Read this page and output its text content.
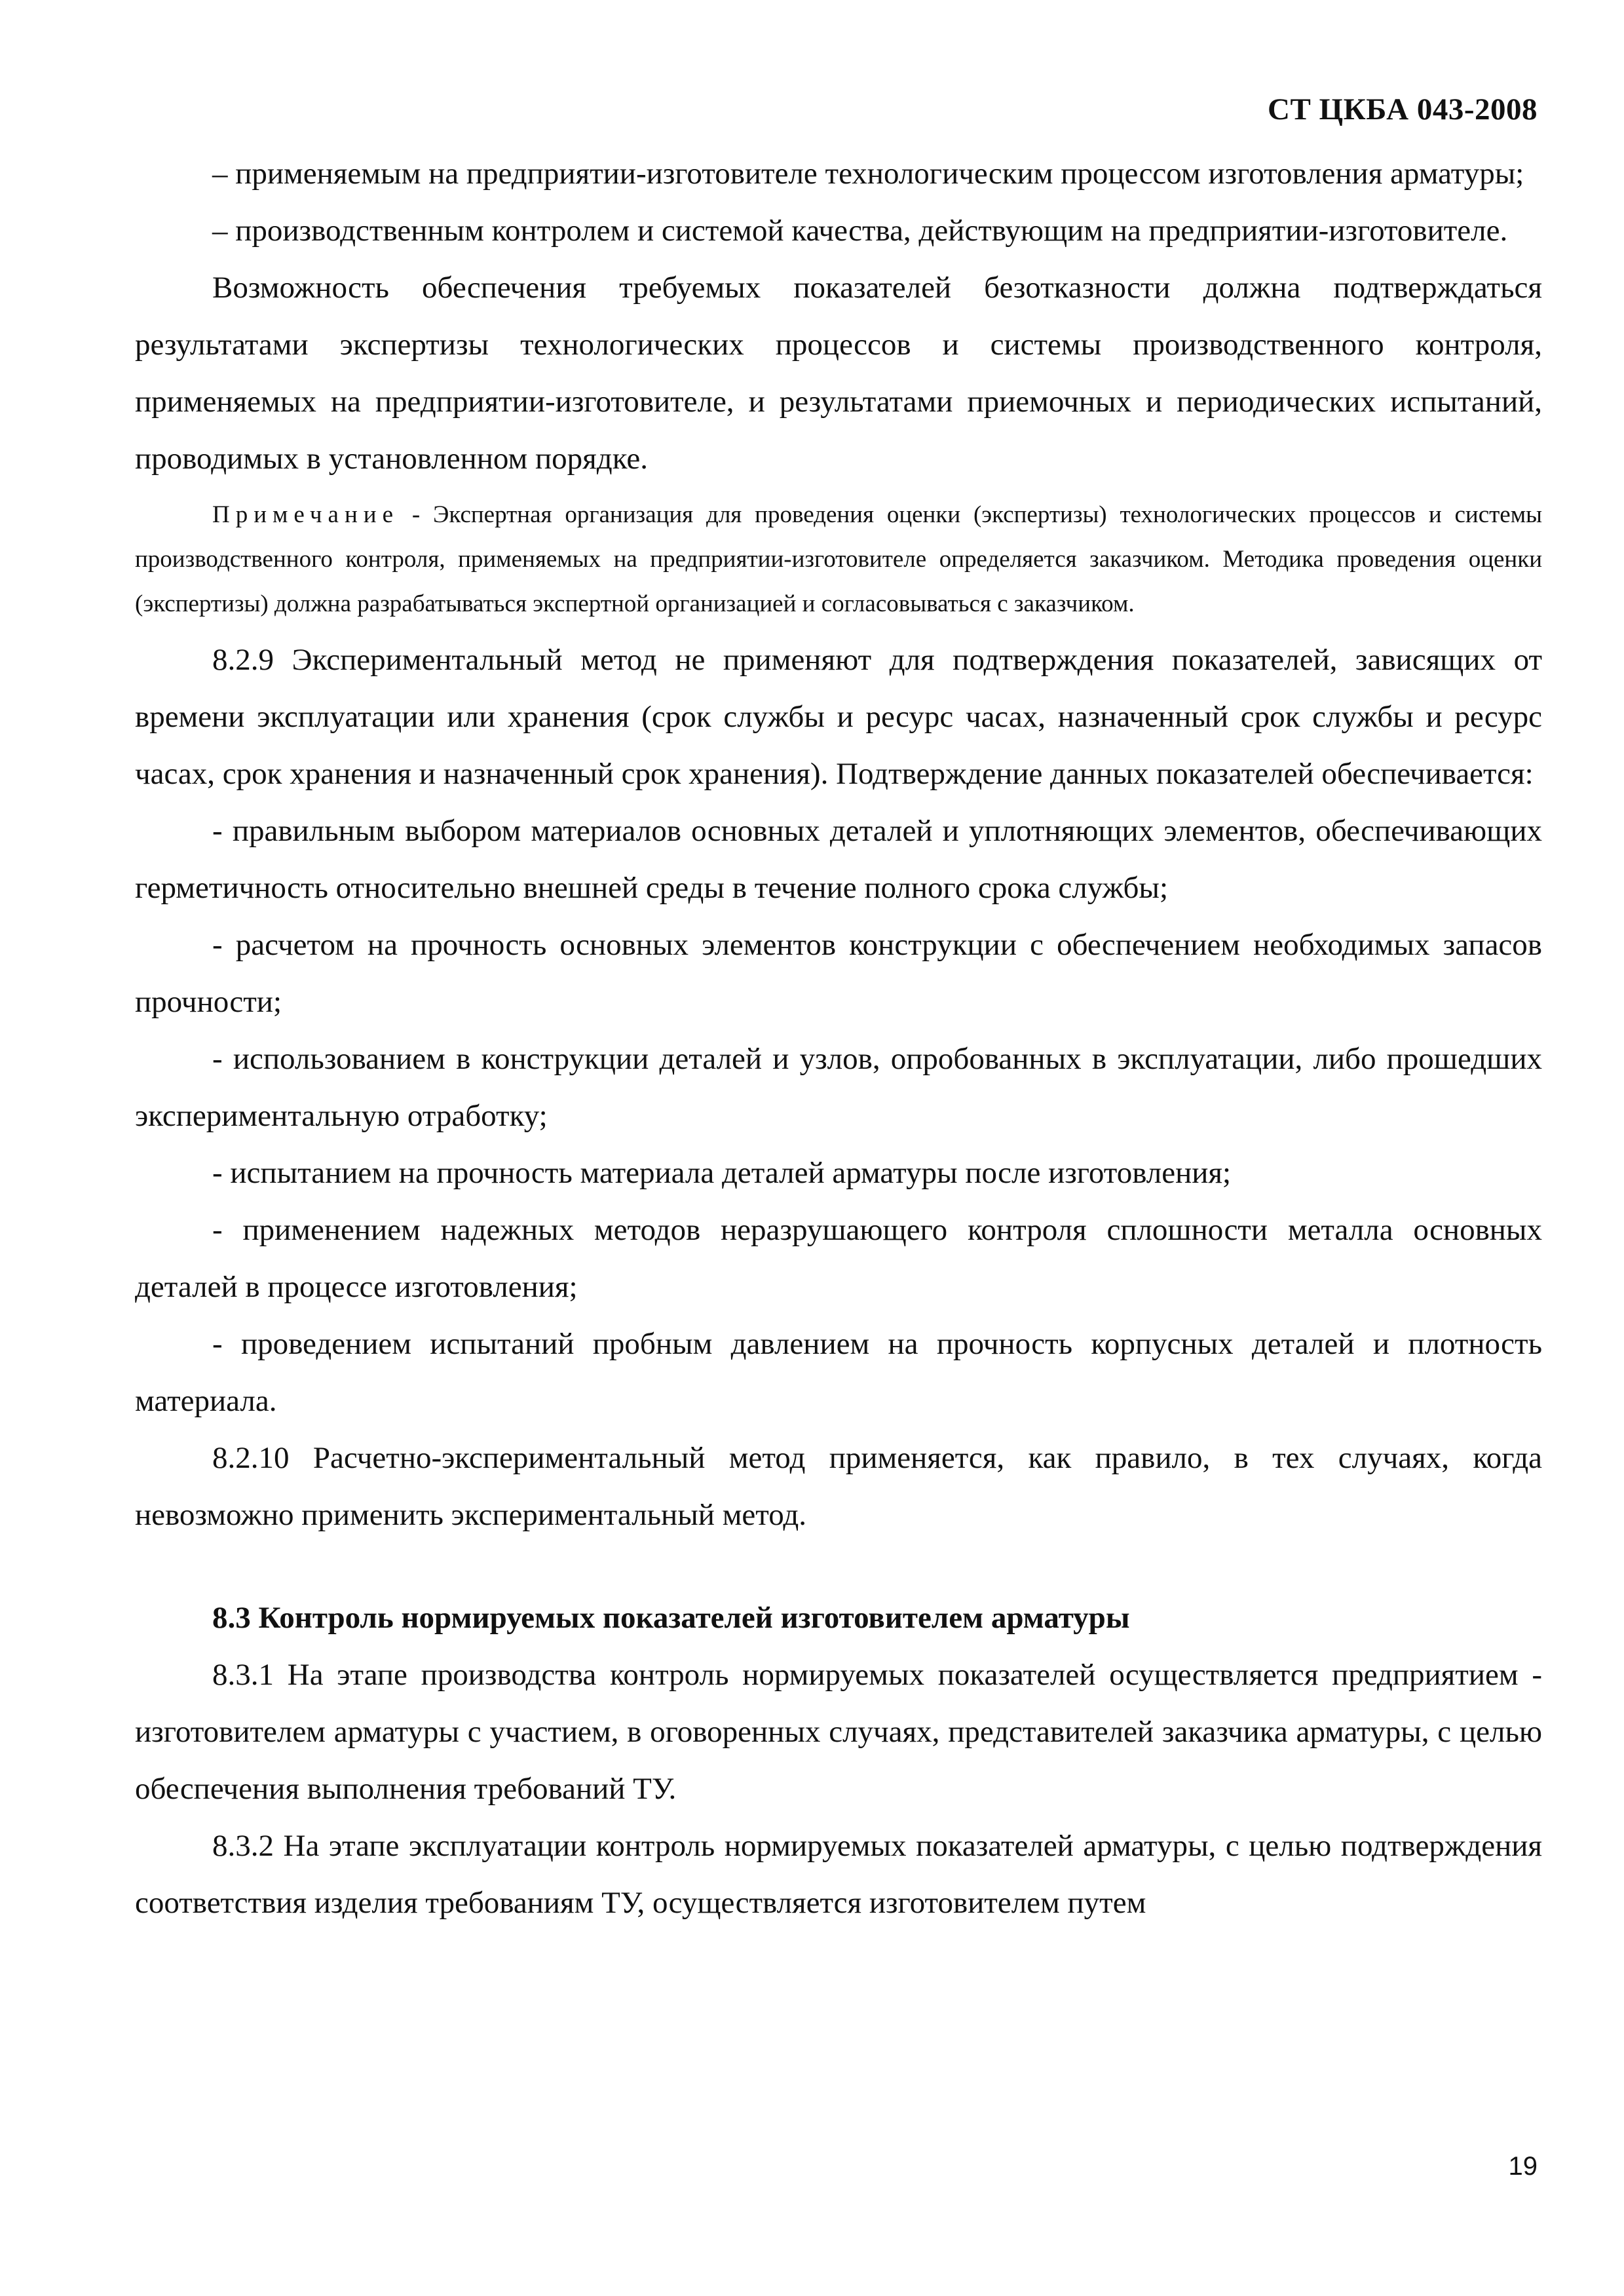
СТ ЦКБА 043-2008

– применяемым на предприятии-изготовителе технологическим процессом изготовления арматуры;

– производственным контролем и системой качества, действующим на предприятии-изготовителе.

Возможность обеспечения требуемых показателей безотказности должна подтверждаться результатами экспертизы технологических процессов и системы производственного контроля, применяемых на предприятии-изготовителе, и результатами приемочных и периодических испытаний, проводимых в установленном порядке.

Примечание - Экспертная организация для проведения оценки (экспертизы) технологических процессов и системы производственного контроля, применяемых на предприятии-изготовителе определяется заказчиком. Методика проведения оценки (экспертизы) должна разрабатываться экспертной организацией и согласовываться с заказчиком.

8.2.9 Экспериментальный метод не применяют для подтверждения показателей, зависящих от времени эксплуатации или хранения (срок службы и ресурс часах, назначенный срок службы и ресурс часах, срок хранения и назначенный срок хранения). Подтверждение данных показателей обеспечивается:

- правильным выбором материалов основных деталей и уплотняющих элементов, обеспечивающих герметичность относительно внешней среды в течение полного срока службы;

- расчетом на прочность основных элементов конструкции с обеспечением необходимых запасов прочности;

- использованием в конструкции деталей и узлов, опробованных в эксплуатации, либо прошедших экспериментальную отработку;

- испытанием на прочность материала деталей арматуры после изготовления;

- применением надежных методов неразрушающего контроля сплошности металла основных деталей в процессе изготовления;

- проведением испытаний пробным давлением на прочность корпусных деталей и плотность материала.

8.2.10 Расчетно-экспериментальный метод применяется, как правило, в тех случаях, когда невозможно применить экспериментальный метод.

8.3 Контроль нормируемых показателей изготовителем арматуры

8.3.1 На этапе производства контроль нормируемых показателей осуществляется предприятием - изготовителем арматуры с участием, в оговоренных случаях, представителей заказчика арматуры, с целью обеспечения выполнения требований ТУ.

8.3.2 На этапе эксплуатации контроль нормируемых показателей арматуры, с целью подтверждения соответствия изделия требованиям ТУ, осуществляется изготовителем путем

19
